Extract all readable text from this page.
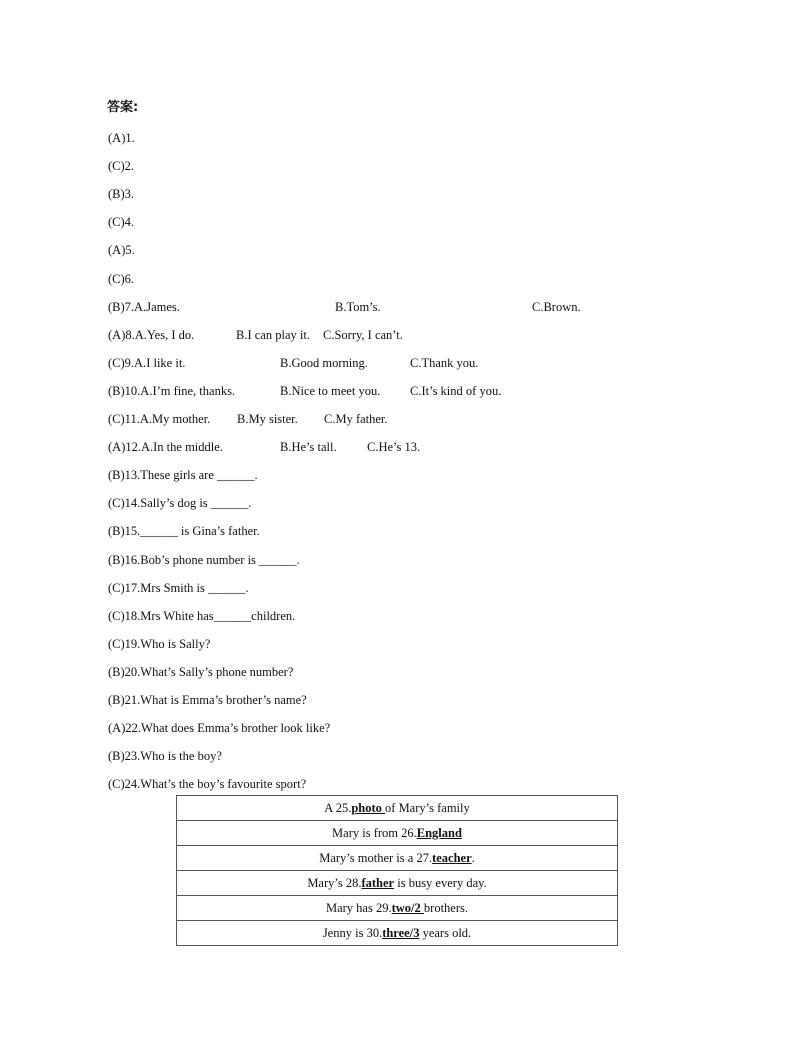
答案:
(A)1.
(C)2.
(B)3.
(C)4.
(A)5.
(C)6.
(B)7.A.James.	B.Tom’s.	C.Brown.
(A)8.A.Yes, I do.	B.I can play it. C.Sorry, I can’t.
(C)9.A.I like it.	B.Good morning.	C.Thank you.
(B)10.A.I’m fine, thanks.	B.Nice to meet you. C.It’s kind of you.
(C)11.A.My mother. B.My sister. C.My father.
(A)12.A.In the middle.	B.He’s tall. C.He’s 13.
(B)13.These girls are ______.
(C)14.Sally’s dog is ______.
(B)15.______ is Gina’s father.
(B)16.Bob’s phone number is ______.
(C)17.Mrs Smith is ______.
(C)18.Mrs White has______children.
(C)19.Who is Sally?
(B)20.What’s Sally’s phone number?
(B)21.What is Emma’s brother’s name?
(A)22.What does Emma’s brother look like?
(B)23.Who is the boy?
(C)24.What’s the boy’s favourite sport?
A 25.photo of Mary’s family
Mary is from 26.England
Mary’s mother is a 27.teacher.
Mary’s 28.father is busy every day.
Mary has 29.two/2 brothers.
Jenny is 30.three/3 years old.
